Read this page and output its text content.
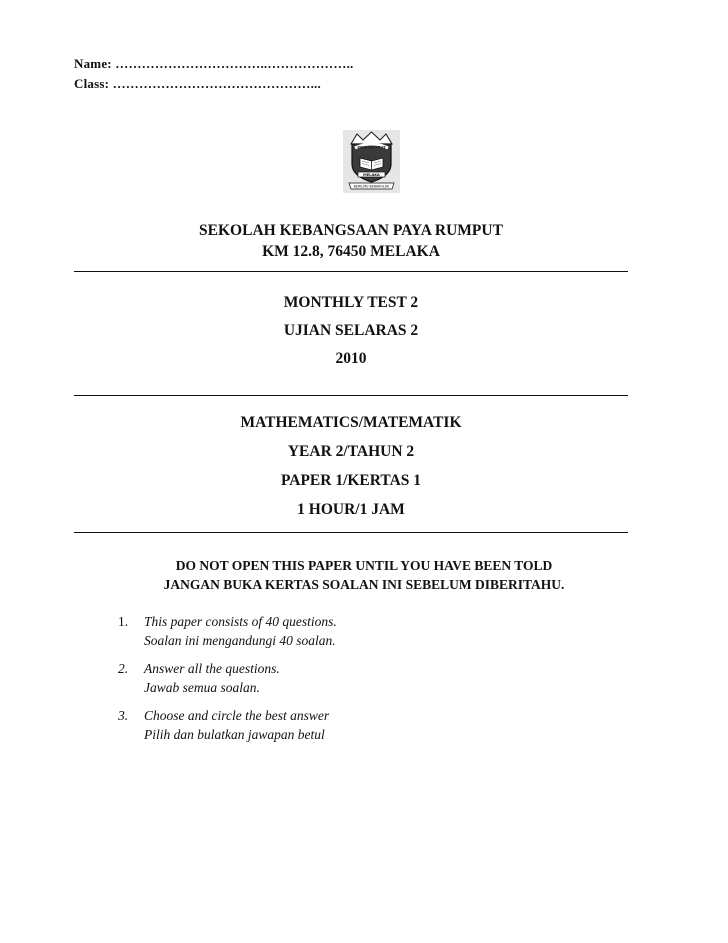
Name: ……………………………..………………..
Class: ………………………………………...
PAYA RUMPUT
MELAKA
BERILMU BERAKHLAK
SEKOLAH KEBANGSAAN PAYA RUMPUT
KM 12.8, 76450 MELAKA
MONTHLY TEST 2
UJIAN SELARAS 2
2010
MATHEMATICS/MATEMATIK
YEAR 2/TAHUN 2
PAPER 1/KERTAS 1
1 HOUR/1 JAM
DO NOT OPEN THIS PAPER UNTIL YOU HAVE BEEN TOLD
JANGAN BUKA KERTAS SOALAN INI SEBELUM DIBERITAHU.
1. This paper consists of 40 questions.
Soalan ini mengandungi 40 soalan.
2. Answer all the questions.
Jawab semua soalan.
3. Choose and circle the best answer
Pilih dan bulatkan jawapan betul
